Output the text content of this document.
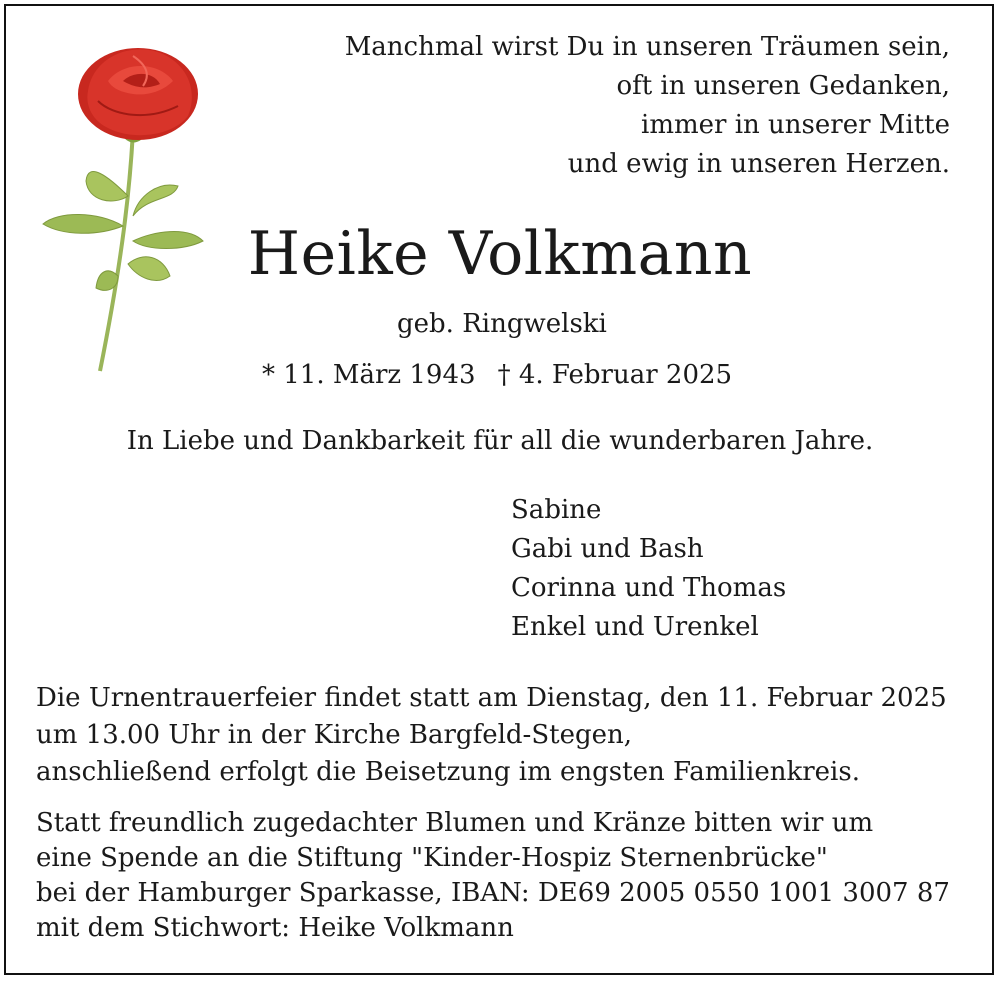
Manchmal wirst Du in unseren Träumen sein,
oft in unseren Gedanken,
immer in unserer Mitte
und ewig in unseren Herzen.
Heike Volkmann
geb. Ringwelski
* 11. März 1943 † 4. Februar 2025
In Liebe und Dankbarkeit für all die wunderbaren Jahre.
Sabine
Gabi und Bash
Corinna und Thomas
Enkel und Urenkel
Die Urnentrauerfeier findet statt am Dienstag, den 11. Februar 2025
um 13.00 Uhr in der Kirche Bargfeld-Stegen,
anschließend erfolgt die Beisetzung im engsten Familienkreis.
Statt freundlich zugedachter Blumen und Kränze bitten wir um
eine Spende an die Stiftung "Kinder-Hospiz Sternenbrücke"
bei der Hamburger Sparkasse, IBAN: DE69 2005 0550 1001 3007 87
mit dem Stichwort: Heike Volkmann
